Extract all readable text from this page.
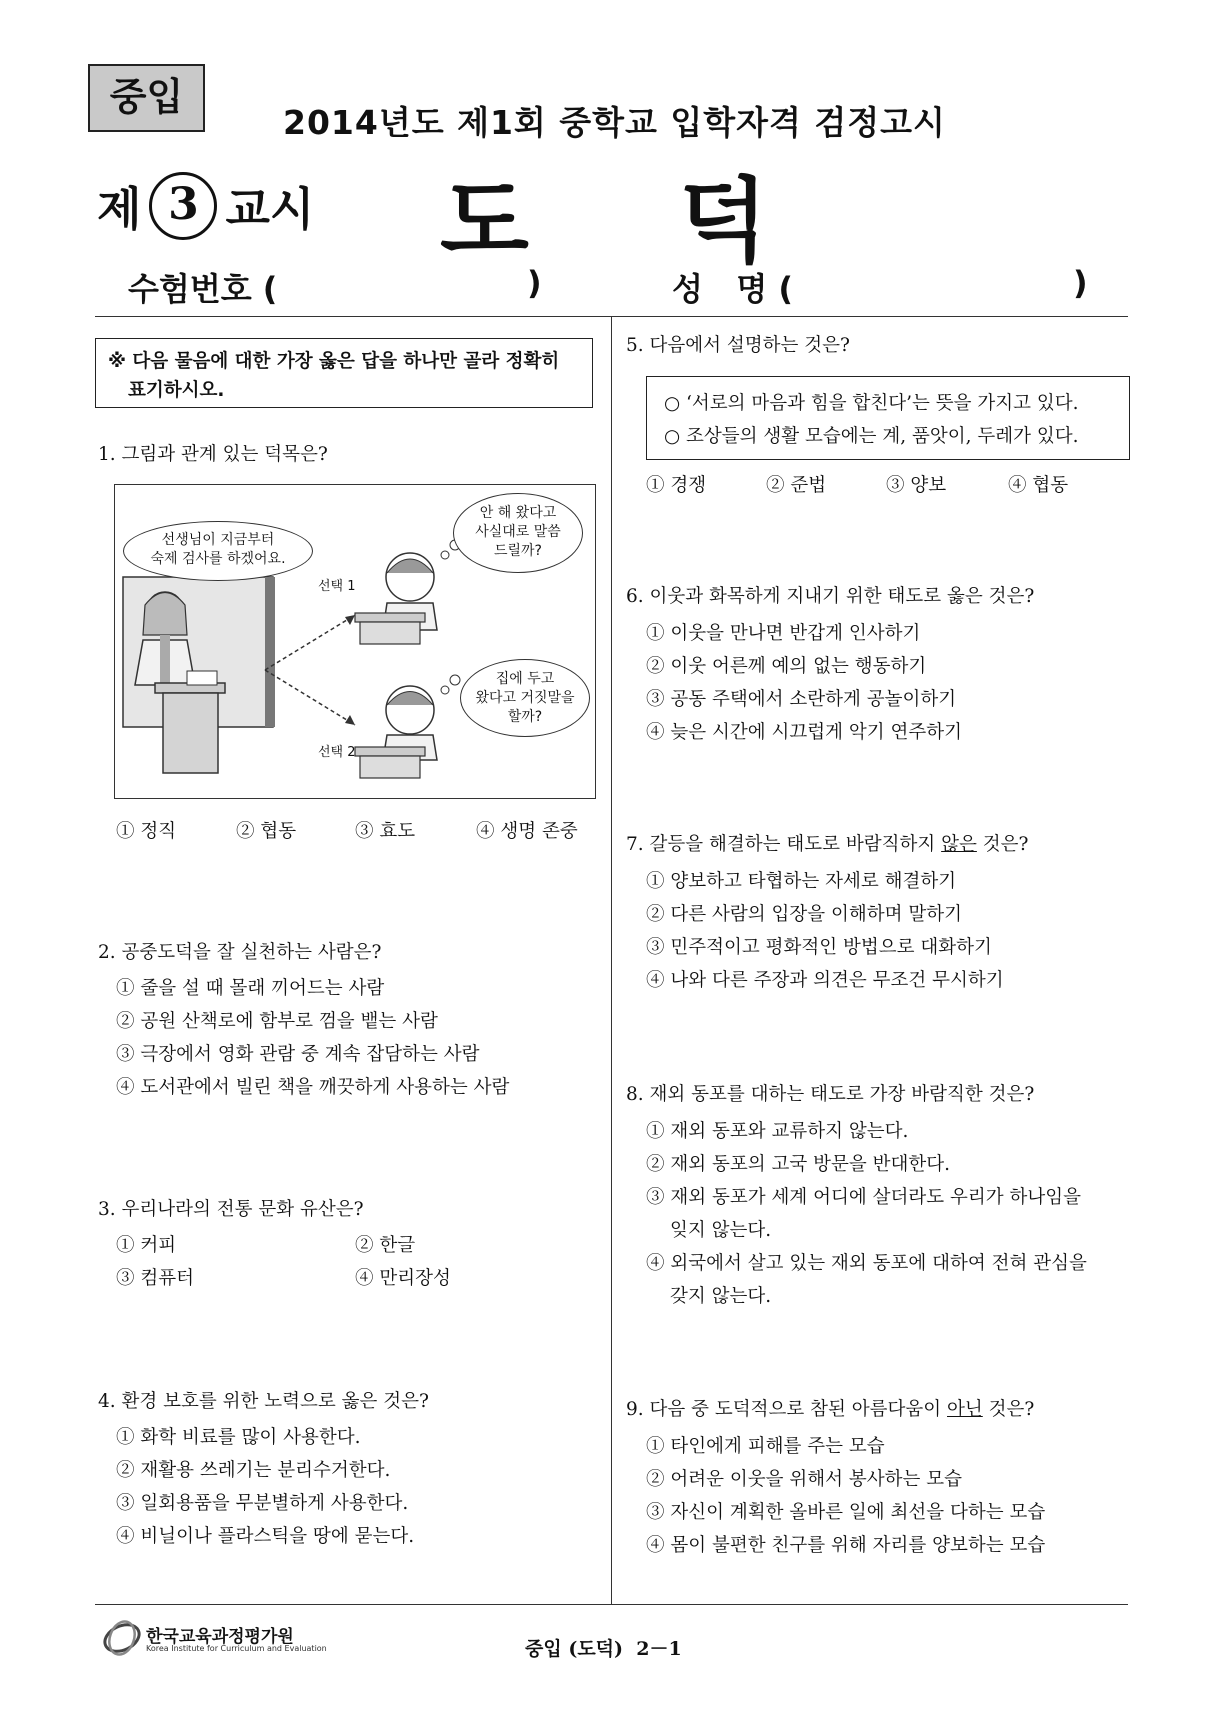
중입
2014년도 제1회 중학교 입학자격 검정고시
제 3 교시 도덕
수험번호 (	)	성   명 (	)
※ 다음 물음에 대한 가장 옳은 답을 하나만 골라 정확히
표기하시오.
1. 그림과 관계 있는 덕목은?
선생님이 지금부터
숙제 검사를 하겠어요.
선택 1
선택 2
안 해 왔다고
사실대로 말씀
드릴까?
집에 두고
왔다고 거짓말을
할까?
① 정직	② 협동	③ 효도	④ 생명 존중
2. 공중도덕을 잘 실천하는 사람은?
① 줄을 설 때 몰래 끼어드는 사람
② 공원 산책로에 함부로 껌을 뱉는 사람
③ 극장에서 영화 관람 중 계속 잡담하는 사람
④ 도서관에서 빌린 책을 깨끗하게 사용하는 사람
3. 우리나라의 전통 문화 유산은?
① 커피	② 한글
③ 컴퓨터	④ 만리장성
4. 환경 보호를 위한 노력으로 옳은 것은?
① 화학 비료를 많이 사용한다.
② 재활용 쓰레기는 분리수거한다.
③ 일회용품을 무분별하게 사용한다.
④ 비닐이나 플라스틱을 땅에 묻는다.
5. 다음에서 설명하는 것은?
○ ‘서로의 마음과 힘을 합친다’는 뜻을 가지고 있다.
○ 조상들의 생활 모습에는 계, 품앗이, 두레가 있다.
① 경쟁	② 준법	③ 양보	④ 협동
6. 이웃과 화목하게 지내기 위한 태도로 옳은 것은?
① 이웃을 만나면 반갑게 인사하기
② 이웃 어른께 예의 없는 행동하기
③ 공동 주택에서 소란하게 공놀이하기
④ 늦은 시간에 시끄럽게 악기 연주하기
7. 갈등을 해결하는 태도로 바람직하지 않은 것은?
① 양보하고 타협하는 자세로 해결하기
② 다른 사람의 입장을 이해하며 말하기
③ 민주적이고 평화적인 방법으로 대화하기
④ 나와 다른 주장과 의견은 무조건 무시하기
8. 재외 동포를 대하는 태도로 가장 바람직한 것은?
① 재외 동포와 교류하지 않는다.
② 재외 동포의 고국 방문을 반대한다.
③ 재외 동포가 세계 어디에 살더라도 우리가 하나임을
잊지 않는다.
④ 외국에서 살고 있는 재외 동포에 대하여 전혀 관심을
갖지 않는다.
9. 다음 중 도덕적으로 참된 아름다움이 아닌 것은?
① 타인에게 피해를 주는 모습
② 어려운 이웃을 위해서 봉사하는 모습
③ 자신이 계획한 올바른 일에 최선을 다하는 모습
④ 몸이 불편한 친구를 위해 자리를 양보하는 모습
한국교육과정평가원
Korea Institute for Curriculum and Evaluation	중입 (도덕)  2－1
